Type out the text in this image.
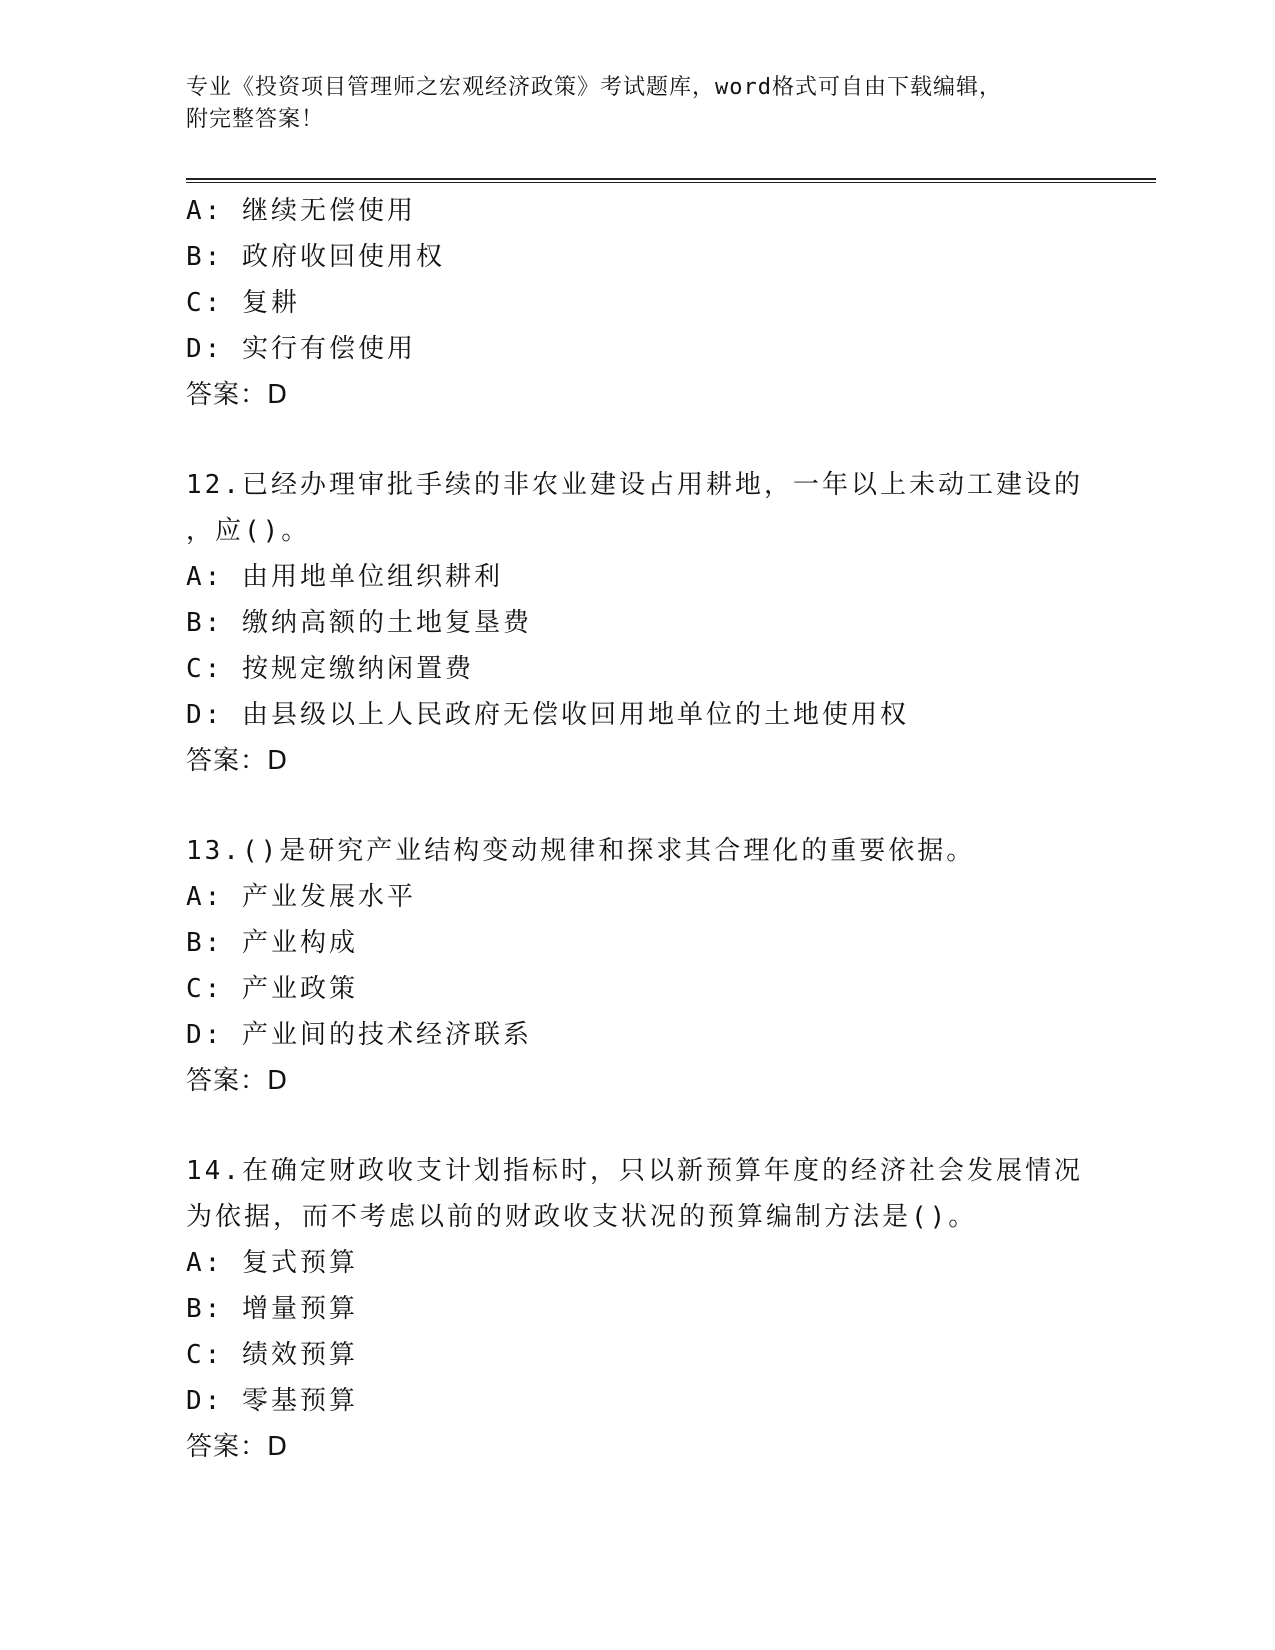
专业《投资项目管理师之宏观经济政策》考试题库，word格式可自由下载编辑，
附完整答案！
A: 继续无偿使用
B: 政府收回使用权
C: 复耕
D: 实行有偿使用
答案：D
12.已经办理审批手续的非农业建设占用耕地，一年以上未动工建设的
，应()。
A: 由用地单位组织耕利
B: 缴纳高额的土地复垦费
C: 按规定缴纳闲置费
D: 由县级以上人民政府无偿收回用地单位的土地使用权
答案：D
13.()是研究产业结构变动规律和探求其合理化的重要依据。
A: 产业发展水平
B: 产业构成
C: 产业政策
D: 产业间的技术经济联系
答案：D
14.在确定财政收支计划指标时，只以新预算年度的经济社会发展情况
为依据，而不考虑以前的财政收支状况的预算编制方法是()。
A: 复式预算
B: 增量预算
C: 绩效预算
D: 零基预算
答案：D
